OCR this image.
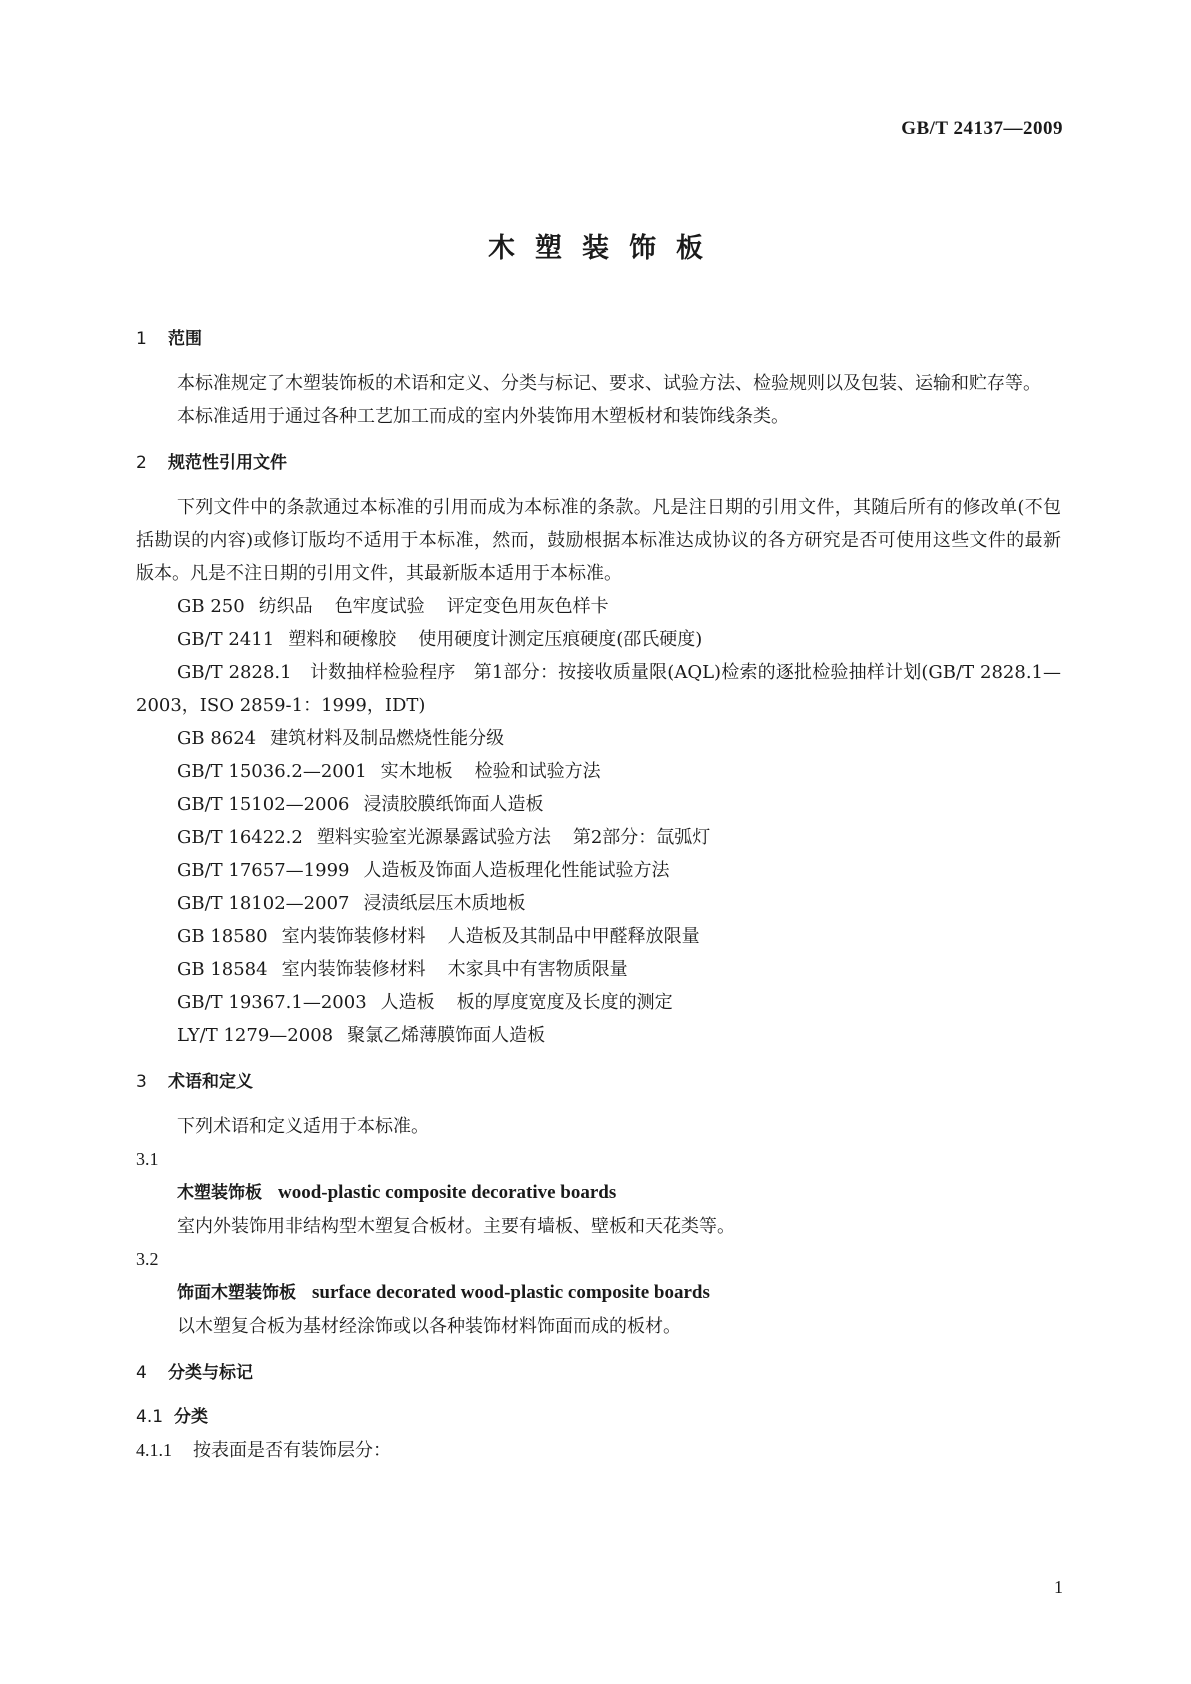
GB/T 24137—2009
木塑装饰板
1 范围

本标准规定了木塑装饰板的术语和定义、分类与标记、要求、试验方法、检验规则以及包装、运输和贮存等。

本标准适用于通过各种工艺加工而成的室内外装饰用木塑板材和装饰线条类。

2 规范性引用文件

下列文件中的条款通过本标准的引用而成为本标准的条款。凡是注日期的引用文件，其随后所有的修改单(不包括勘误的内容)或修订版均不适用于本标准，然而，鼓励根据本标准达成协议的各方研究是否可使用这些文件的最新版本。凡是不注日期的引用文件，其最新版本适用于本标准。

GB 250 纺织品 色牢度试验 评定变色用灰色样卡

GB/T 2411 塑料和硬橡胶 使用硬度计测定压痕硬度(邵氏硬度)

GB/T 2828.1　计数抽样检验程序　第1部分：按接收质量限(AQL)检索的逐批检验抽样计划(GB/T 2828.1—2003，ISO 2859-1：1999，IDT)

GB 8624 建筑材料及制品燃烧性能分级

GB/T 15036.2—2001 实木地板 检验和试验方法

GB/T 15102—2006 浸渍胶膜纸饰面人造板

GB/T 16422.2 塑料实验室光源暴露试验方法 第2部分：氙弧灯

GB/T 17657—1999 人造板及饰面人造板理化性能试验方法

GB/T 18102—2007 浸渍纸层压木质地板

GB 18580 室内装饰装修材料 人造板及其制品中甲醛释放限量

GB 18584 室内装饰装修材料 木家具中有害物质限量

GB/T 19367.1—2003 人造板 板的厚度宽度及长度的测定

LY/T 1279—2008 聚氯乙烯薄膜饰面人造板

3 术语和定义

下列术语和定义适用于本标准。

3.1

木塑装饰板 wood-plastic composite decorative boards

室内外装饰用非结构型木塑复合板材。主要有墙板、壁板和天花类等。

3.2

饰面木塑装饰板 surface decorated wood-plastic composite boards

以木塑复合板为基材经涂饰或以各种装饰材料饰面而成的板材。

4 分类与标记
4.1 分类

4.1.1 按表面是否有装饰层分：

1
